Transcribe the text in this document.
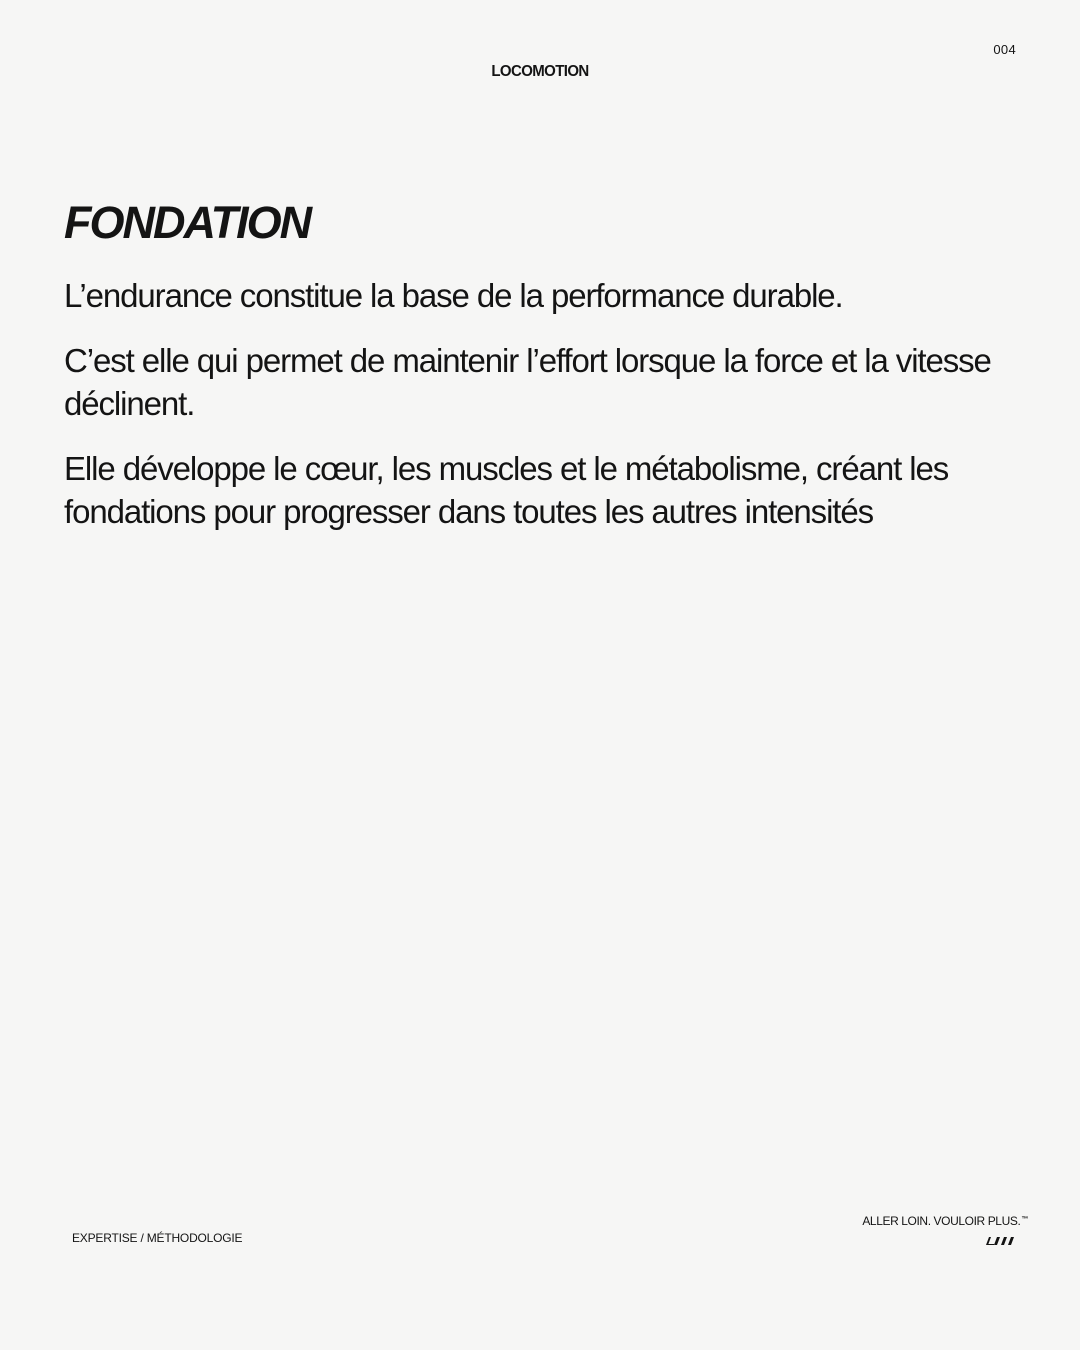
004
LOCOMOTION
FONDATION

L’endurance constitue la base de la performance durable.

C’est elle qui permet de maintenir l’effort lorsque la force et la vitesse déclinent.

Elle développe le cœur, les muscles et le métabolisme, créant les fondations pour progresser dans toutes les autres intensités

EXPERTISE / MÉTHODOLOGIE
ALLER LOIN. VOULOIR PLUS.™
